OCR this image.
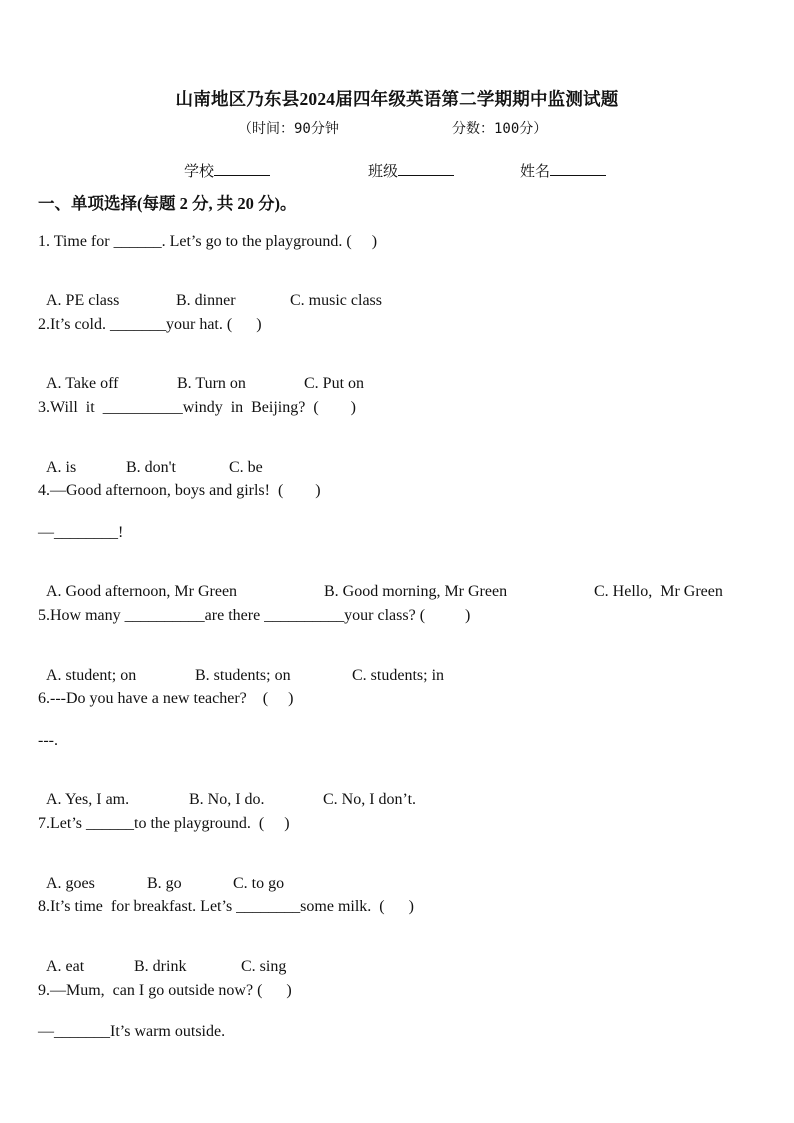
山南地区乃东县2024届四年级英语第二学期期中监测试题
（时间：90分钟	分数：100分）
学校	班级	姓名
一、单项选择(每题 2 分, 共 20 分)。
1. Time for ______. Let’s go to the playground. (     )

A. PE class	B. dinner	C. music class

2.It’s cold. _______your hat. (      )

A. Take off	B. Turn on	C. Put on

3.Will  it  __________windy  in  Beijing?  (        )

A. is	B. don't	C. be

4.—Good afternoon, boys and girls!  (        )
—________!

A. Good afternoon, Mr Green	B. Good morning, Mr Green	C. Hello,  Mr Green

5.How many __________are there __________your class? (          )

A. student; on	B. students; on	C. students; in

6.---Do you have a new teacher?    (     )
---.

A. Yes, I am.	B. No, I do.	C. No, I don’t.

7.Let’s ______to the playground.  (     )

A. goes	B. go	C. to go

8.It’s time  for breakfast. Let’s ________some milk.  (      )

A. eat	B. drink	C. sing

9.—Mum,  can I go outside now? (      )
—_______It’s warm outside.
